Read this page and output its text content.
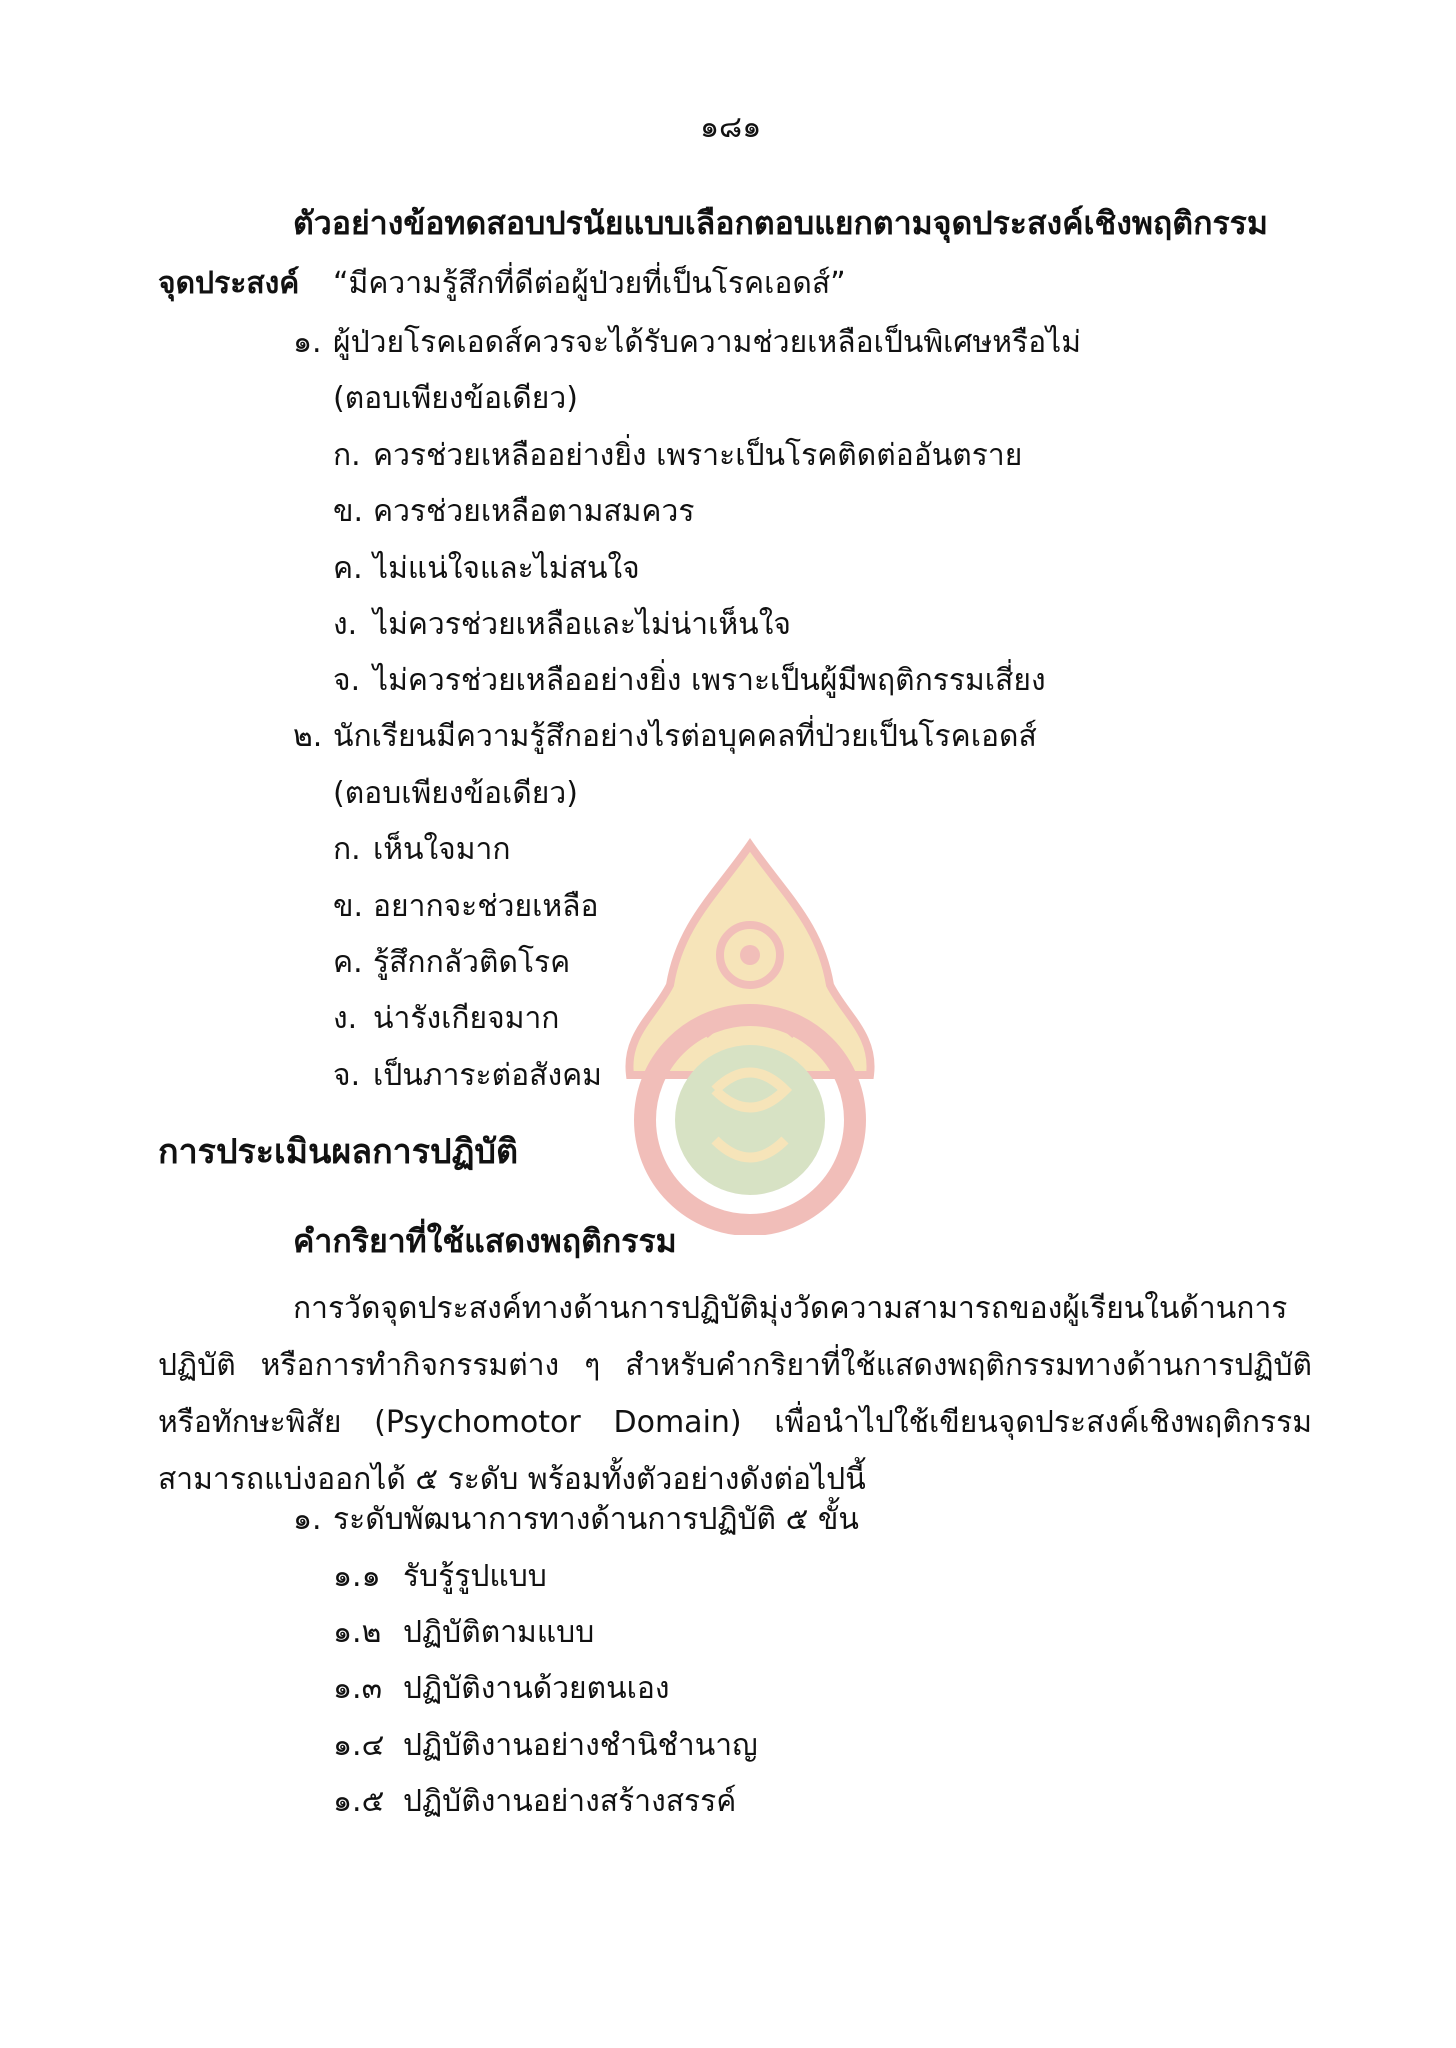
๑๘๑
ตัวอย่างข้อทดสอบปรนัยแบบเลือกตอบแยกตามจุดประสงค์เชิงพฤติกรรม
จุดประสงค์ “มีความรู้สึกที่ดีต่อผู้ป่วยที่เป็นโรคเอดส์”
๑. ผู้ป่วยโรคเอดส์ควรจะได้รับความช่วยเหลือเป็นพิเศษหรือไม่
(ตอบเพียงข้อเดียว)
ก. ควรช่วยเหลืออย่างยิ่ง เพราะเป็นโรคติดต่ออันตราย
ข. ควรช่วยเหลือตามสมควร
ค. ไม่แน่ใจและไม่สนใจ
ง. ไม่ควรช่วยเหลือและไม่น่าเห็นใจ
จ. ไม่ควรช่วยเหลืออย่างยิ่ง เพราะเป็นผู้มีพฤติกรรมเสี่ยง
๒. นักเรียนมีความรู้สึกอย่างไรต่อบุคคลที่ป่วยเป็นโรคเอดส์
(ตอบเพียงข้อเดียว)
ก. เห็นใจมาก
ข. อยากจะช่วยเหลือ
ค. รู้สึกกลัวติดโรค
ง. น่ารังเกียจมาก
จ. เป็นภาระต่อสังคม
การประเมินผลการปฏิบัติ
คำกริยาที่ใช้แสดงพฤติกรรม
การวัดจุดประสงค์ทางด้านการปฏิบัติมุ่งวัดความสามารถของผู้เรียนในด้านการปฏิบัติ หรือการทำกิจกรรมต่าง ๆ สำหรับคำกริยาที่ใช้แสดงพฤติกรรมทางด้านการปฏิบัติหรือทักษะพิสัย (Psychomotor Domain) เพื่อนำไปใช้เขียนจุดประสงค์เชิงพฤติกรรม สามารถแบ่งออกได้ ๕ ระดับ พร้อมทั้งตัวอย่างดังต่อไปนี้
๑. ระดับพัฒนาการทางด้านการปฏิบัติ ๕ ขั้น
๑.๑ รับรู้รูปแบบ
๑.๒ ปฏิบัติตามแบบ
๑.๓ ปฏิบัติงานด้วยตนเอง
๑.๔ ปฏิบัติงานอย่างชำนิชำนาญ
๑.๕ ปฏิบัติงานอย่างสร้างสรรค์
